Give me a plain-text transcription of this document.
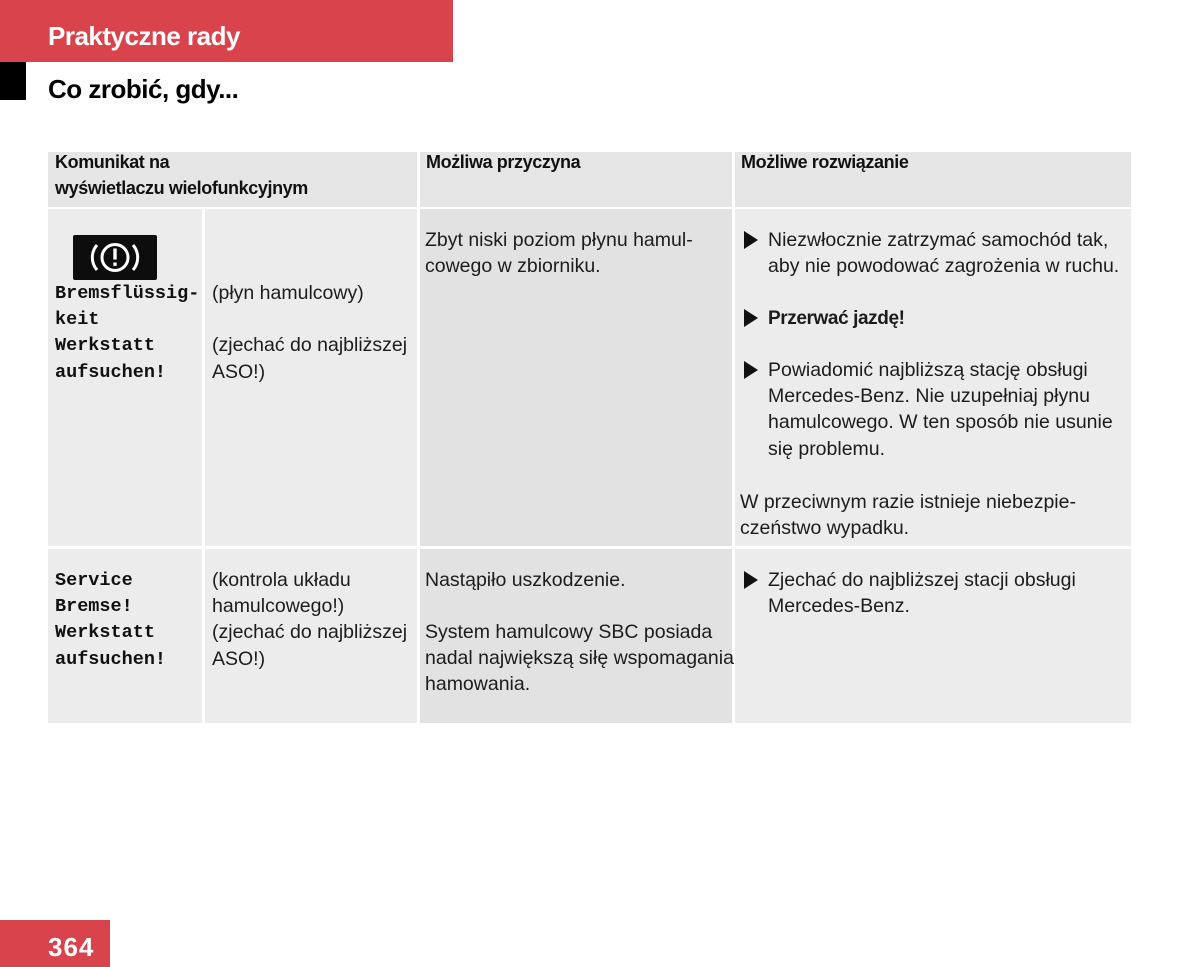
Praktyczne rady
Co zrobić, gdy...
Komunikat na
wyświetlaczu wielofunkcyjnym
Możliwa przyczyna	Możliwe rozwiązanie
Bremsflüssig-
keit
Werkstatt
aufsuchen!
(płyn hamulcowy)

(zjechać do najbliższej
ASO!)
Zbyt niski poziom płynu hamul-
cowego w zbiorniku.
Niezwłocznie zatrzymać samochód tak,
aby nie powodować zagrożenia w ruchu.
Przerwać jazdę!
Powiadomić najbliższą stację obsługi
Mercedes-Benz. Nie uzupełniaj płynu
hamulcowego. W ten sposób nie usunie
się problemu.
W przeciwnym razie istnieje niebezpie-
czeństwo wypadku.
Service
Bremse!
Werkstatt
aufsuchen!
(kontrola układu
hamulcowego!)
(zjechać do najbliższej
ASO!)
Nastąpiło uszkodzenie.
System hamulcowy SBC posiada
nadal największą siłę wspomagania
hamowania.
Zjechać do najbliższej stacji obsługi
Mercedes-Benz.
364
